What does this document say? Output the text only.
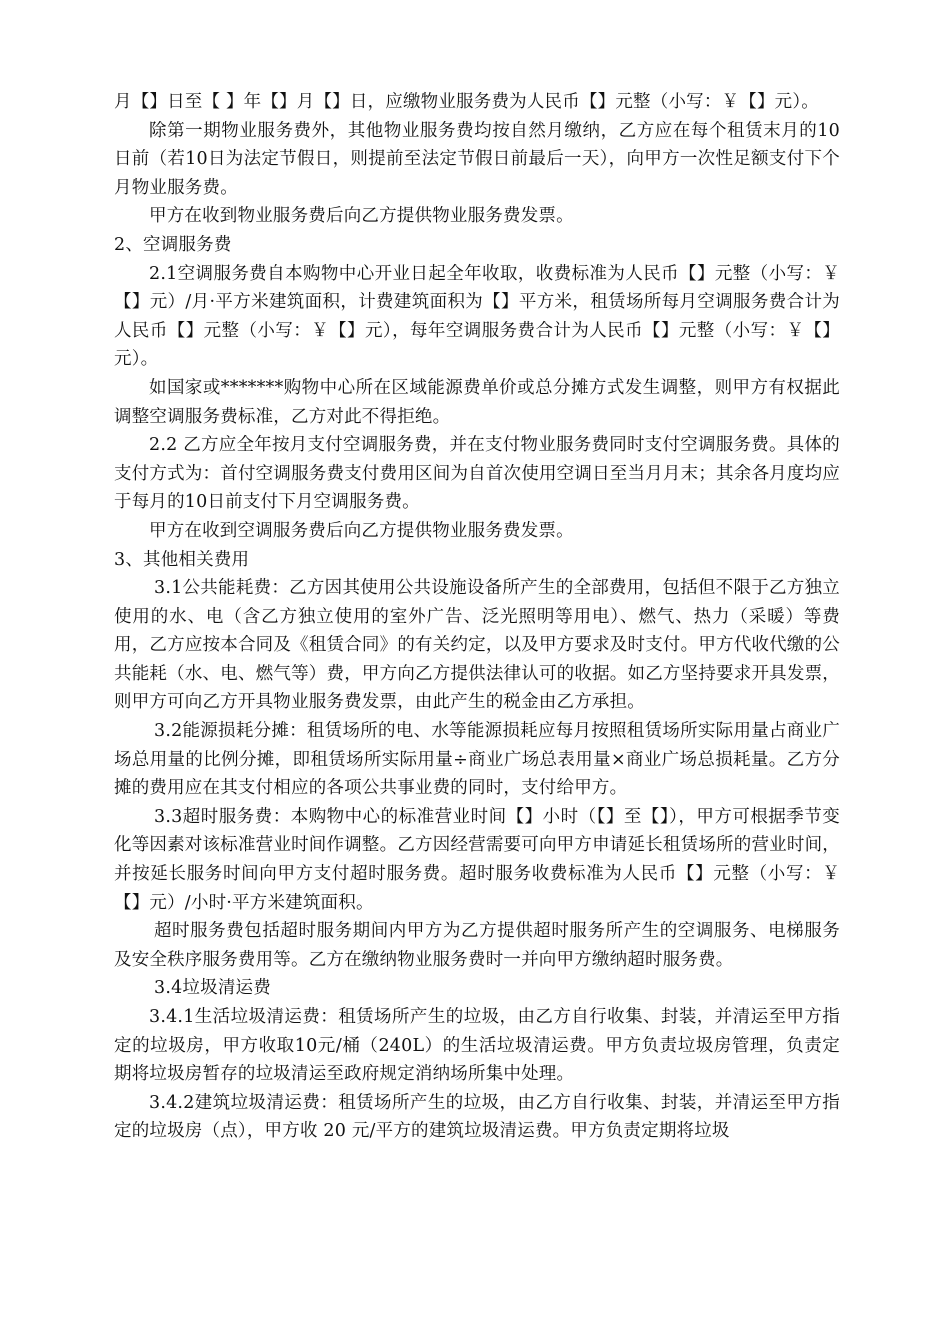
月【】日至【 】年【】月【】日，应缴物业服务费为人民币【】元整（小写：￥【】元）。

除第一期物业服务费外，其他物业服务费均按自然月缴纳，乙方应在每个租赁末月的10日前（若10日为法定节假日，则提前至法定节假日前最后一天），向甲方一次性足额支付下个月物业服务费。

甲方在收到物业服务费后向乙方提供物业服务费发票。

2、空调服务费

2.1空调服务费自本购物中心开业日起全年收取，收费标准为人民币【】元整（小写：￥【】元）/月·平方米建筑面积，计费建筑面积为【】平方米，租赁场所每月空调服务费合计为人民币【】元整（小写：￥【】元），每年空调服务费合计为人民币【】元整（小写：￥【】元）。

如国家或*******购物中心所在区域能源费单价或总分摊方式发生调整，则甲方有权据此调整空调服务费标准，乙方对此不得拒绝。

2.2 乙方应全年按月支付空调服务费，并在支付物业服务费同时支付空调服务费。具体的支付方式为：首付空调服务费支付费用区间为自首次使用空调日至当月月末；其余各月度均应于每月的10日前支付下月空调服务费。

甲方在收到空调服务费后向乙方提供物业服务费发票。

3、其他相关费用

3.1公共能耗费：乙方因其使用公共设施设备所产生的全部费用，包括但不限于乙方独立使用的水、电（含乙方独立使用的室外广告、泛光照明等用电）、燃气、热力（采暖）等费用，乙方应按本合同及《租赁合同》的有关约定，以及甲方要求及时支付。甲方代收代缴的公共能耗（水、电、燃气等）费，甲方向乙方提供法律认可的收据。如乙方坚持要求开具发票，则甲方可向乙方开具物业服务费发票，由此产生的税金由乙方承担。

3.2能源损耗分摊：租赁场所的电、水等能源损耗应每月按照租赁场所实际用量占商业广场总用量的比例分摊，即租赁场所实际用量÷商业广场总表用量×商业广场总损耗量。乙方分摊的费用应在其支付相应的各项公共事业费的同时，支付给甲方。

3.3超时服务费：本购物中心的标准营业时间【】小时（【】至【】），甲方可根据季节变化等因素对该标准营业时间作调整。乙方因经营需要可向甲方申请延长租赁场所的营业时间，并按延长服务时间向甲方支付超时服务费。超时服务收费标准为人民币【】元整（小写：￥【】元）/小时·平方米建筑面积。

超时服务费包括超时服务期间内甲方为乙方提供超时服务所产生的空调服务、电梯服务及安全秩序服务费用等。乙方在缴纳物业服务费时一并向甲方缴纳超时服务费。

3.4垃圾清运费

3.4.1生活垃圾清运费：租赁场所产生的垃圾，由乙方自行收集、封装，并清运至甲方指定的垃圾房，甲方收取10元/桶（240L）的生活垃圾清运费。甲方负责垃圾房管理，负责定期将垃圾房暂存的垃圾清运至政府规定消纳场所集中处理。

3.4.2建筑垃圾清运费：租赁场所产生的垃圾，由乙方自行收集、封装，并清运至甲方指定的垃圾房（点），甲方收 20 元/平方的建筑垃圾清运费。甲方负责定期将垃圾
